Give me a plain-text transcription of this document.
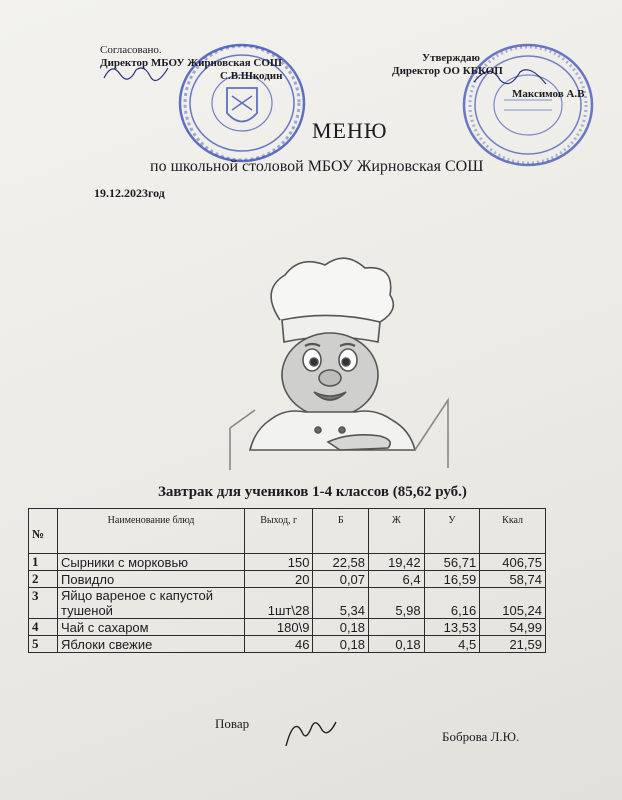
Согласовано.
Директор МБОУ Жирновская СОШ
С.В.Шкодин
Утверждаю
Директор ОО КБКОП
Максимов А.В
МЕНЮ
по школьной столовой МБОУ Жирновская СОШ
19.12.2023год
Завтрак для учеников 1-4 классов (85,62 руб.)
№	Наименование блюд	Выход, г	Б	Ж	У	Ккал
1	Сырники с морковью	150	22,58	19,42	56,71	406,75
2	Повидло	20	0,07	6,4	16,59	58,74
3	Яйцо вареное с капустой тушеной	1шт\28	5,34	5,98	6,16	105,24
4	Чай с сахаром	180\9	0,18		13,53	54,99
5	Яблоки свежие	46	0,18	0,18	4,5	21,59
Повар
Боброва Л.Ю.
